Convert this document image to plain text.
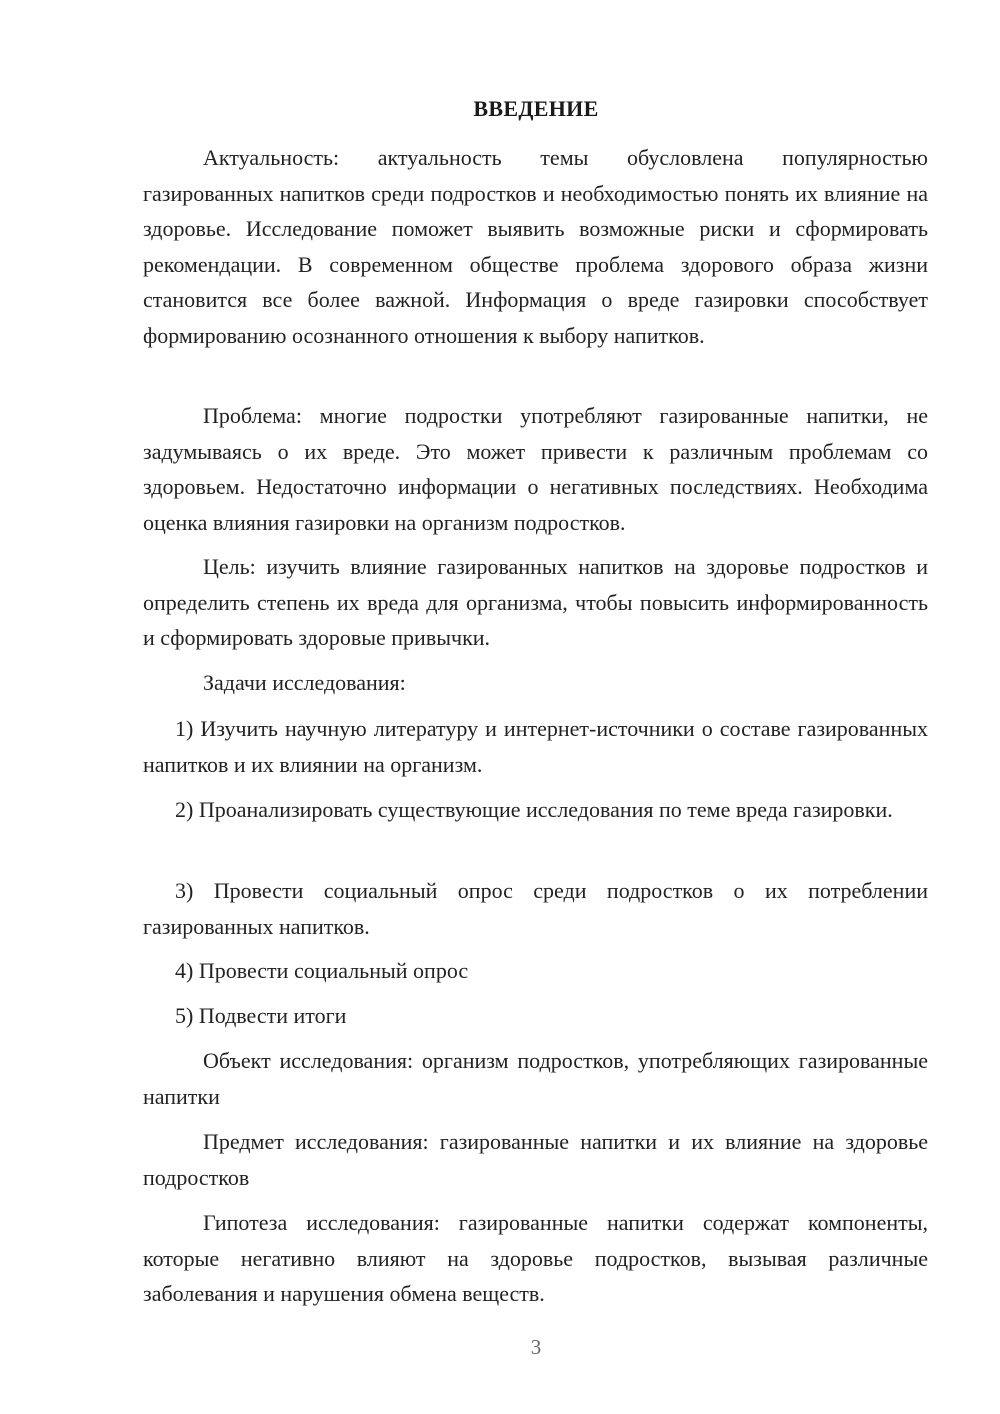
ВВЕДЕНИЕ

Актуальность: актуальность темы обусловлена популярностью газированных напитков среди подростков и необходимостью понять их влияние на здоровье. Исследование поможет выявить возможные риски и сформировать рекомендации. В современном обществе проблема здорового образа жизни становится все более важной. Информация о вреде газировки способствует формированию осознанного отношения к выбору напитков.

Проблема: многие подростки употребляют газированные напитки, не задумываясь о их вреде. Это может привести к различным проблемам со здоровьем. Недостаточно информации о негативных последствиях. Необходима оценка влияния газировки на организм подростков.

Цель: изучить влияние газированных напитков на здоровье подростков и определить степень их вреда для организма, чтобы повысить информированность и сформировать здоровые привычки.

Задачи исследования:

1) Изучить научную литературу и интернет-источники о составе газированных напитков и их влиянии на организм.

2) Проанализировать существующие исследования по теме вреда газировки.

3) Провести социальный опрос среди подростков о их потреблении газированных напитков.

4) Провести социальный опрос

5) Подвести итоги

Объект исследования: организм подростков, употребляющих газированные напитки

Предмет исследования: газированные напитки и их влияние на здоровье подростков

Гипотеза исследования: газированные напитки содержат компоненты, которые негативно влияют на здоровье подростков, вызывая различные заболевания и нарушения обмена веществ.

3
